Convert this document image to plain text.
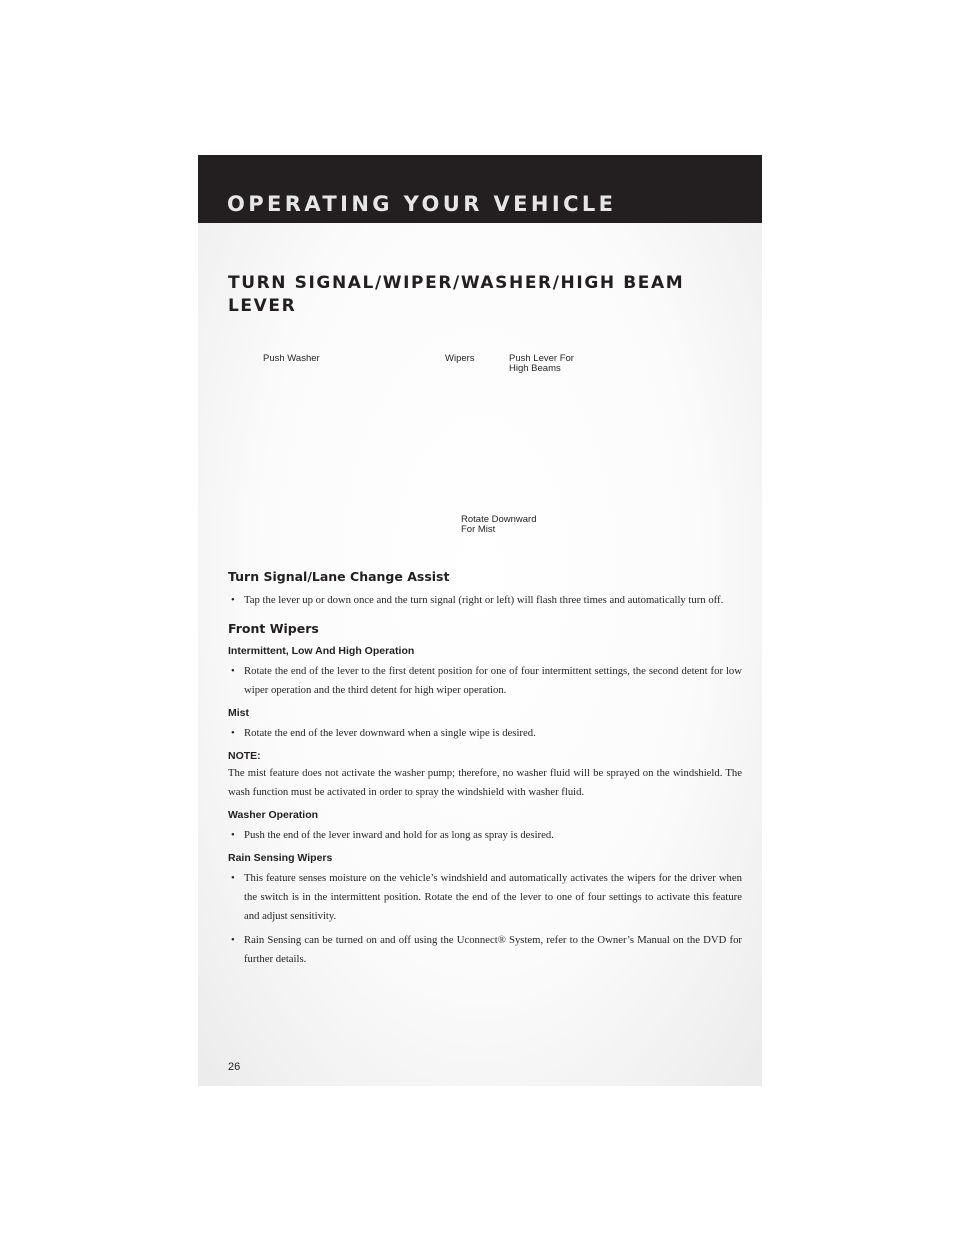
OPERATING YOUR VEHICLE
TURN SIGNAL/WIPER/WASHER/HIGH BEAM LEVER
Push Washer	Wipers	Push Lever For
High Beams
Rotate Downward
For Mist
Turn Signal/Lane Change Assist
• Tap the lever up or down once and the turn signal (right or left) will flash three times and automatically turn off.
Front Wipers
Intermittent, Low And High Operation
• Rotate the end of the lever to the first detent position for one of four intermittent settings, the second detent for low wiper operation and the third detent for high wiper operation.
Mist
• Rotate the end of the lever downward when a single wipe is desired.
NOTE:
The mist feature does not activate the washer pump; therefore, no washer fluid will be sprayed on the windshield. The wash function must be activated in order to spray the windshield with washer fluid.
Washer Operation
• Push the end of the lever inward and hold for as long as spray is desired.
Rain Sensing Wipers
• This feature senses moisture on the vehicle’s windshield and automatically activates the wipers for the driver when the switch is in the intermittent position. Rotate the end of the lever to one of four settings to activate this feature and adjust sensitivity.
• Rain Sensing can be turned on and off using the Uconnect® System, refer to the Owner’s Manual on the DVD for further details.
26
